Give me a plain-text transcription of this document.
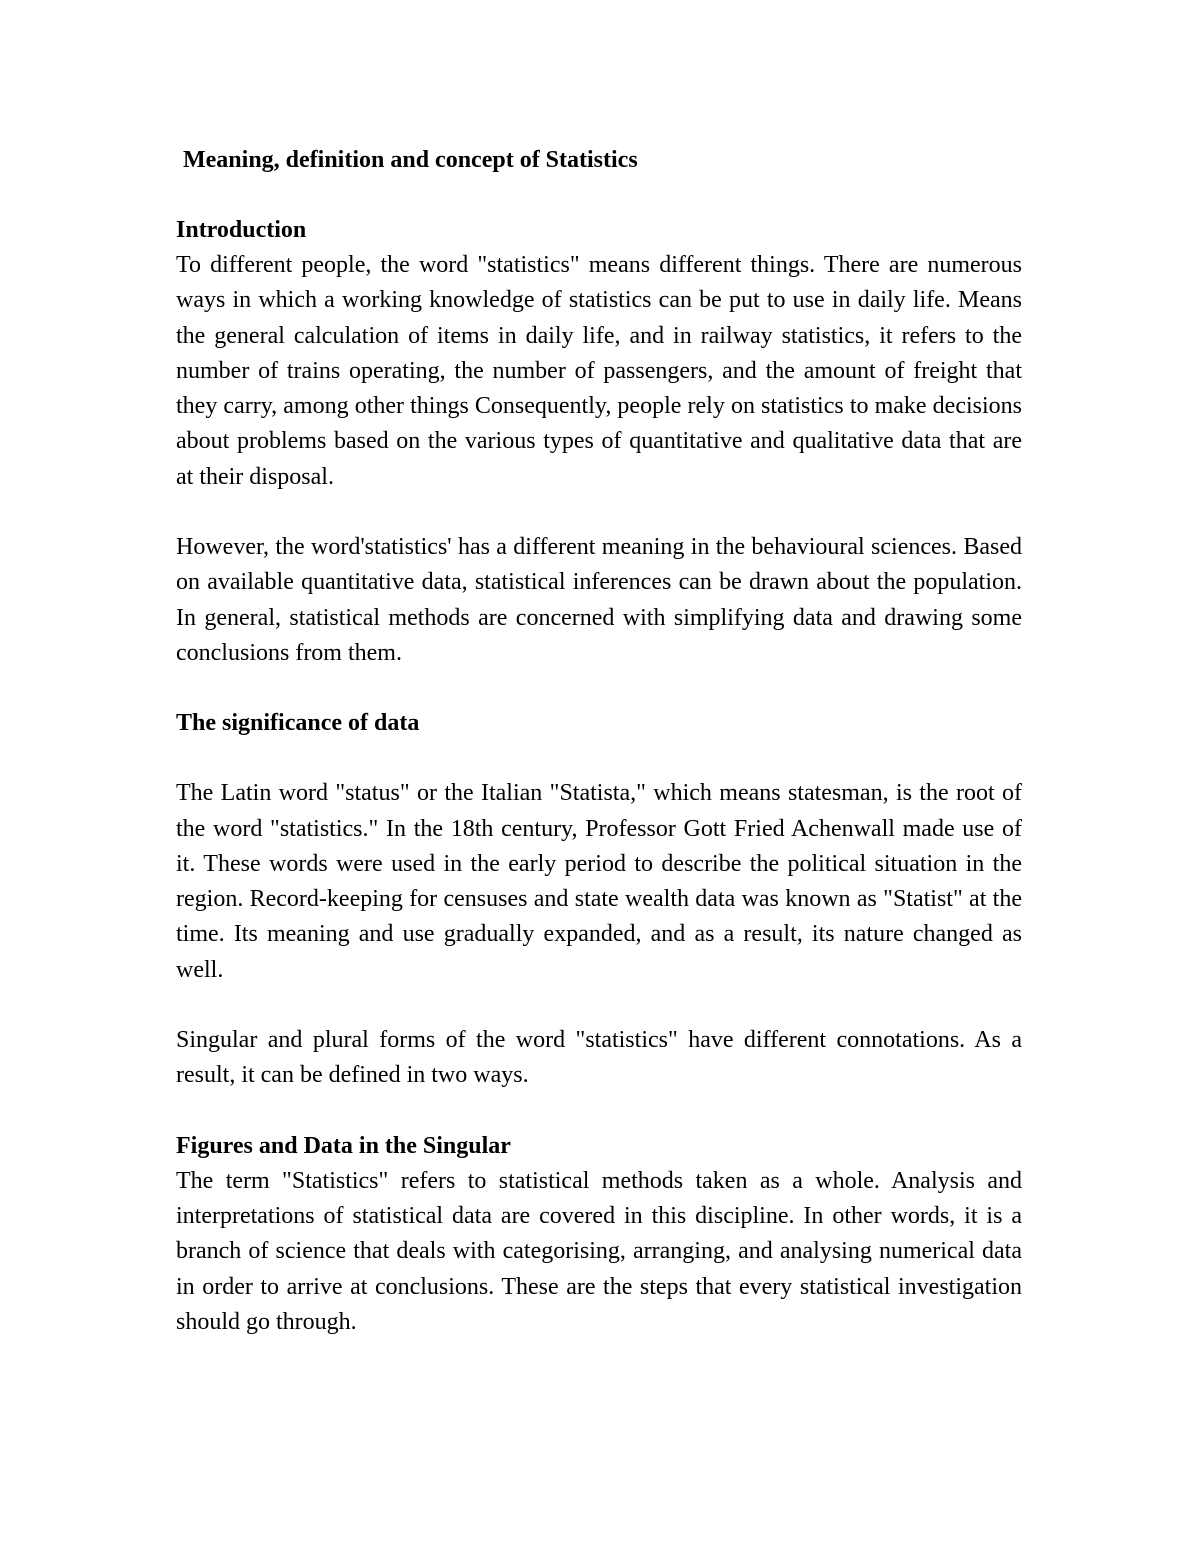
Meaning, definition and concept of Statistics
Introduction

To different people, the word "statistics" means different things. There are numerous ways in which a working knowledge of statistics can be put to use in daily life. Means the general calculation of items in daily life, and in railway statistics, it refers to the number of trains operating, the number of passengers, and the amount of freight that they carry, among other things Consequently, people rely on statistics to make decisions about problems based on the various types of quantitative and qualitative data that are at their disposal.

However, the word'statistics' has a different meaning in the behavioural sciences. Based on available quantitative data, statistical inferences can be drawn about the population. In general, statistical methods are concerned with simplifying data and drawing some conclusions from them.

The significance of data

The Latin word "status" or the Italian "Statista," which means statesman, is the root of the word "statistics." In the 18th century, Professor Gott Fried Achenwall made use of it. These words were used in the early period to describe the political situation in the region. Record-keeping for censuses and state wealth data was known as "Statist" at the time. Its meaning and use gradually expanded, and as a result, its nature changed as well.

Singular and plural forms of the word "statistics" have different connotations. As a result, it can be defined in two ways.

Figures and Data in the Singular

The term "Statistics" refers to statistical methods taken as a whole. Analysis and interpretations of statistical data are covered in this discipline. In other words, it is a branch of science that deals with categorising, arranging, and analysing numerical data in order to arrive at conclusions. These are the steps that every statistical investigation should go through.
